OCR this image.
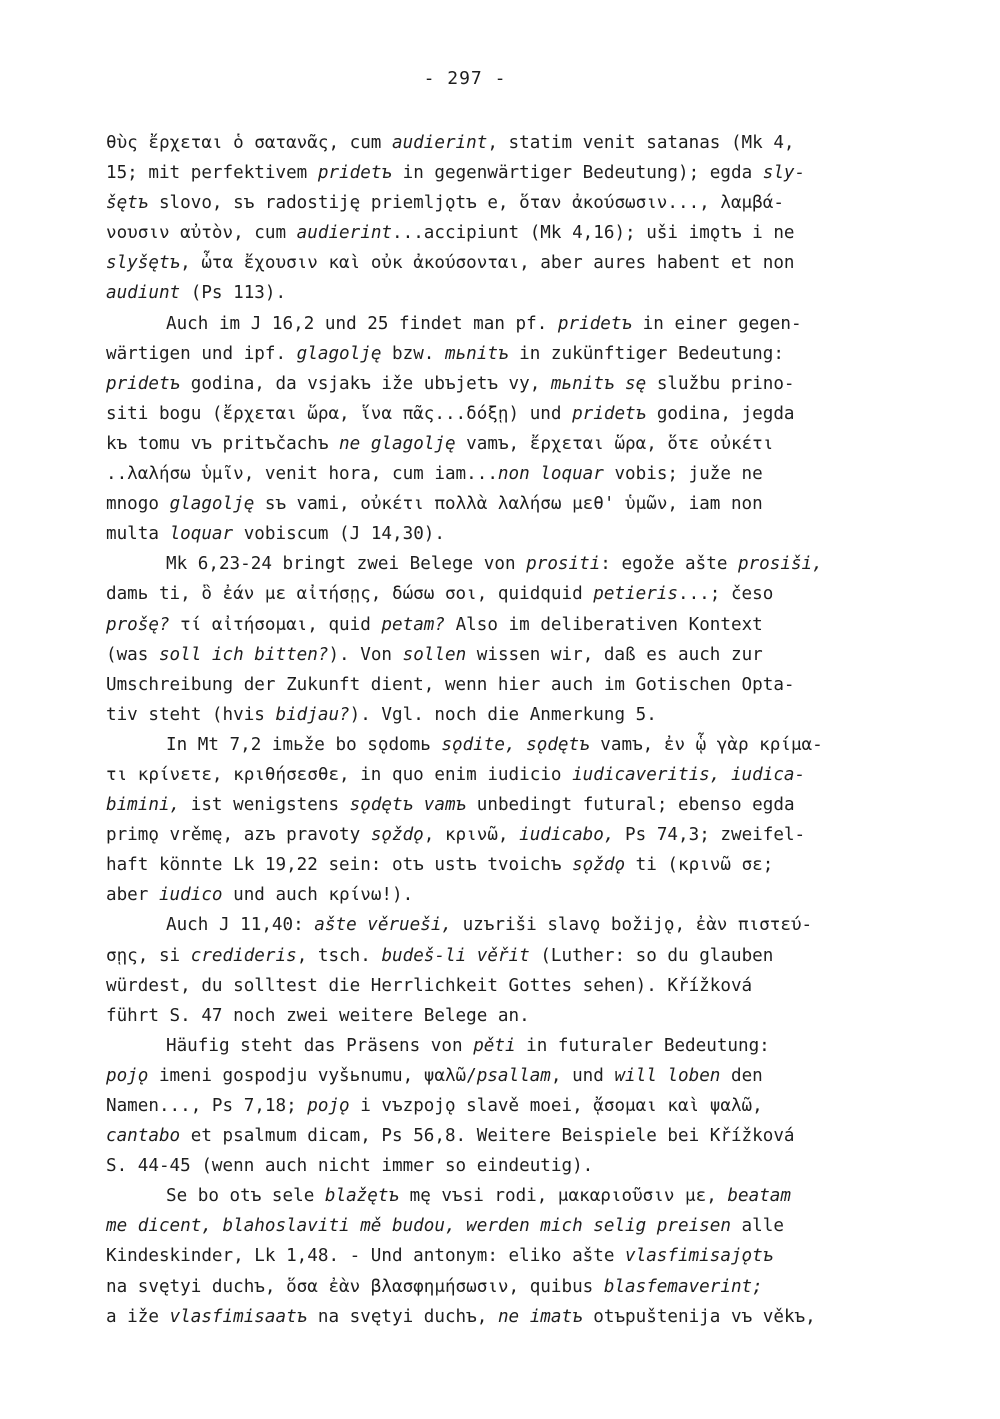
- 297 -
θὺς ἔρχεται ὁ σατανᾶς, cum audierint, statim venit satanas (Mk 4,
15; mit perfektivem pridetъ in gegenwärtiger Bedeutung); egda sly-
šętъ slovo, sъ radostiję priemljǫtъ e, ὅταν ἀκούσωσιν..., λαμβά-
νουσιν αὐτὸν, cum audierint...accipiunt (Mk 4,16); uši imǫtъ i ne
slyšętъ, ὦτα ἔχουσιν καὶ οὐκ ἀκούσονται, aber aures habent et non
audiunt (Ps 113).
Auch im J 16,2 und 25 findet man pf. pridetъ in einer gegen-
wärtigen und ipf. glagolję bzw. mьnitъ in zukünftiger Bedeutung:
pridetъ godina, da vsjakъ iže ubъjetъ vy, mьnitъ sę službu prino-
siti bogu (ἔρχεται ὥρα, ἵνα πᾶς...δόξῃ) und pridetъ godina, jegda
kъ tomu vъ pritъčachъ ne glagolję vamъ, ἔρχεται ὥρα, ὅτε οὐκέτι
..λαλήσω ὑμῖν, venit hora, cum iam...non loquar vobis; juže ne
mnogo glagolję sъ vami, οὐκέτι πολλὰ λαλήσω μεθ' ὑμῶν, iam non
multa loquar vobiscum (J 14,30).
Mk 6,23-24 bringt zwei Belege von prositi: egože ašte prosiši,
damь ti, ὃ ἐάν με αἰτήσῃς, δώσω σοι, quidquid petieris...; česo
prošę? τί αἰτήσομαι, quid petam? Also im deliberativen Kontext
(was soll ich bitten?). Von sollen wissen wir, daß es auch zur
Umschreibung der Zukunft dient, wenn hier auch im Gotischen Opta-
tiv steht (hvis bidjau?). Vgl. noch die Anmerkung 5.
In Mt 7,2 imьže bo sǫdomь sǫdite, sǫdętъ vamъ, ἐν ᾧ γὰρ κρίμα-
τι κρίνετε, κριθήσεσθε, in quo enim iudicio iudicaveritis, iudica-
bimini, ist wenigstens sǫdętъ vamъ unbedingt futural; ebenso egda
primǫ vrěmę, azъ pravoty sǫždǫ, κρινῶ, iudicabo, Ps 74,3; zweifel-
haft könnte Lk 19,22 sein: otъ ustъ tvoichъ sǫždǫ ti (κρινῶ σε;
aber iudico und auch κρίνω!).
Auch J 11,40: ašte věruеši, uzъriši slavǫ božijǫ, ἐὰν πιστεύ-
σῃς, si credideris, tsch. budeš-li věřit (Luther: so du glauben
würdest, du solltest die Herrlichkeit Gottes sehen). Křížková
führt S. 47 noch zwei weitere Belege an.
Häufig steht das Präsens von pěti in futuraler Bedeutung:
pojǫ imeni gospodju vyšьnumu, ψαλῶ/psallam, und will loben den
Namen..., Ps 7,18; pojǫ i vъzpojǫ slavě moei, ᾄσομαι καὶ ψαλῶ,
cantabo et psalmum dicam, Ps 56,8. Weitere Beispiele bei Křížková
S. 44-45 (wenn auch nicht immer so eindeutig).
Se bo otъ sele blažętъ mę vъsi rodi, μακαριοῦσιν με, beatam
me dicent, blahoslaviti mě budou, werden mich selig preisen alle
Kindeskinder, Lk 1,48. - Und antonym: eliko ašte vlasfimisajǫtъ
na svętyi duchъ, ὅσα ἐὰν βλασφημήσωσιν, quibus blasfemaverint;
a iže vlasfimisaatъ na svętyi duchъ, ne imatъ otъpuštenija vъ věkъ,
